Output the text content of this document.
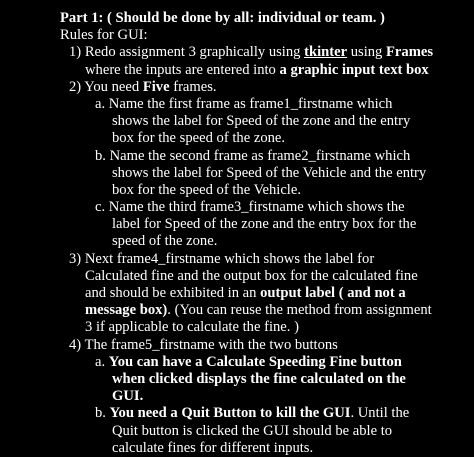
Part 1: ( Should be done by all: individual or team. )
Rules for GUI:
1) Redo assignment 3 graphically using tkinter using Frames
where the inputs are entered into a graphic input text box
2) You need Five frames.
a. Name the first frame as frame1_firstname which
shows the label for Speed of the zone and the entry
box for the speed of the zone.
b. Name the second frame as frame2_firstname which
shows the label for Speed of the Vehicle and the entry
box for the speed of the Vehicle.
c. Name the third frame3_firstname which shows the
label for Speed of the zone and the entry box for the
speed of the zone.
3) Next frame4_firstname which shows the label for
Calculated fine and the output box for the calculated fine
and should be exhibited in an output label ( and not a
message box). (You can reuse the method from assignment
3 if applicable to calculate the fine. )
4) The frame5_firstname with the two buttons
a. You can have a Calculate Speeding Fine button
when clicked displays the fine calculated on the
GUI.
b. You need a Quit Button to kill the GUI. Until the
Quit button is clicked the GUI should be able to
calculate fines for different inputs.
